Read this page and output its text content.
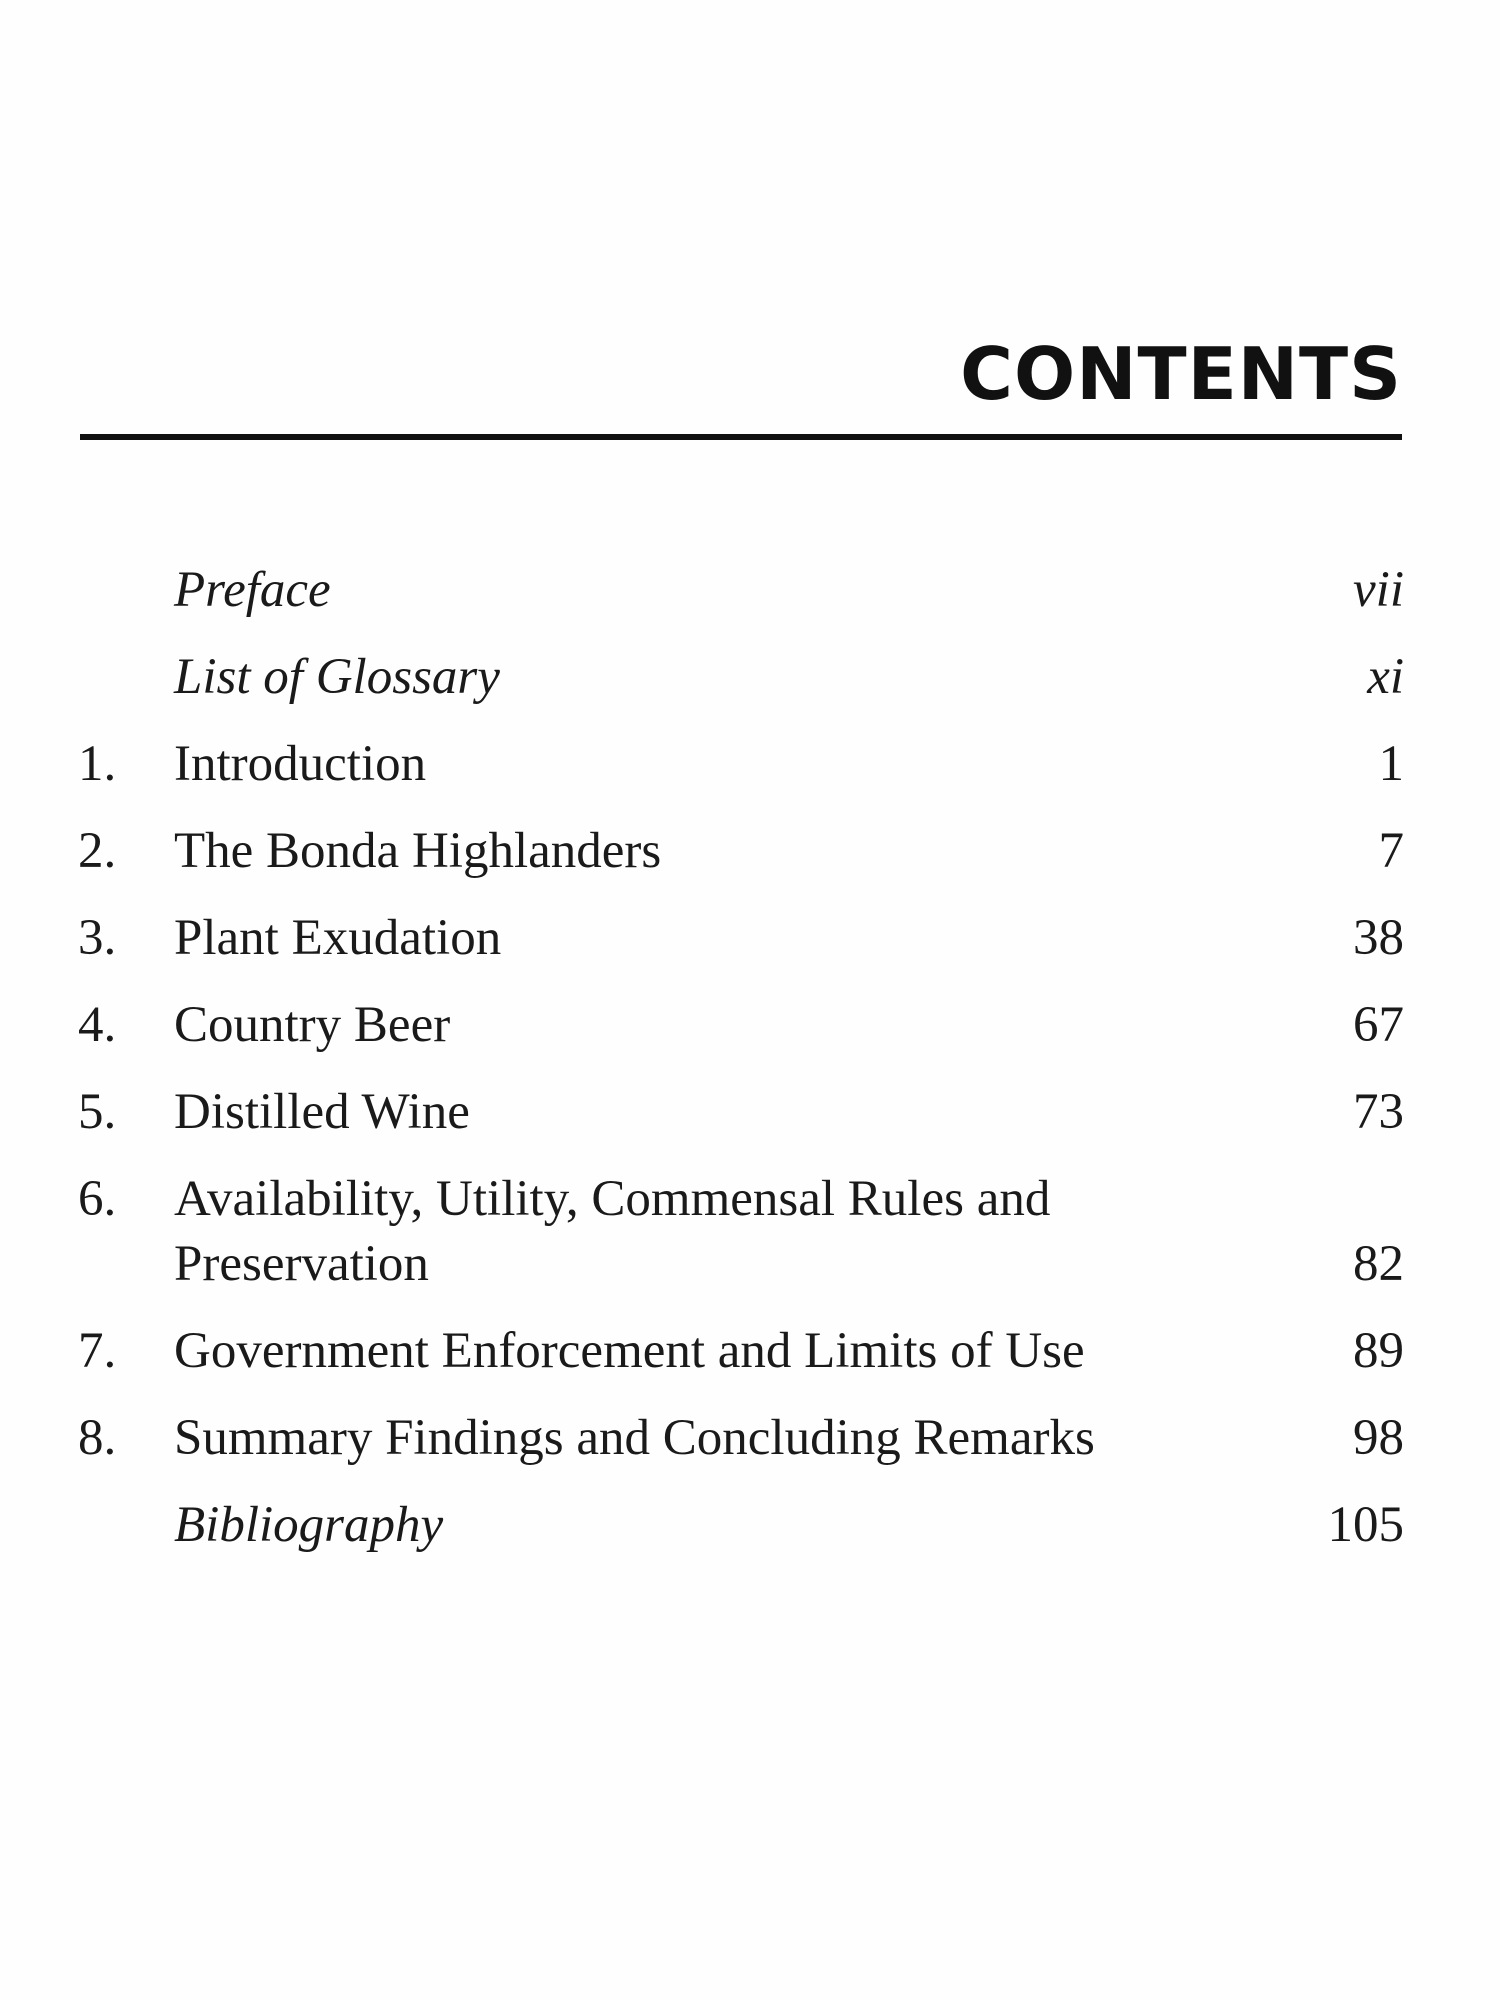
CONTENTS
Preface	vii
List of Glossary	xi
1.	Introduction	1
2.	The Bonda Highlanders	7
3.	Plant Exudation	38
4.	Country Beer	67
5.	Distilled Wine	73
6.	Availability, Utility, Commensal Rules and
Preservation	82
7.	Government Enforcement and Limits of Use	89
8.	Summary Findings and Concluding Remarks	98
Bibliography	105
